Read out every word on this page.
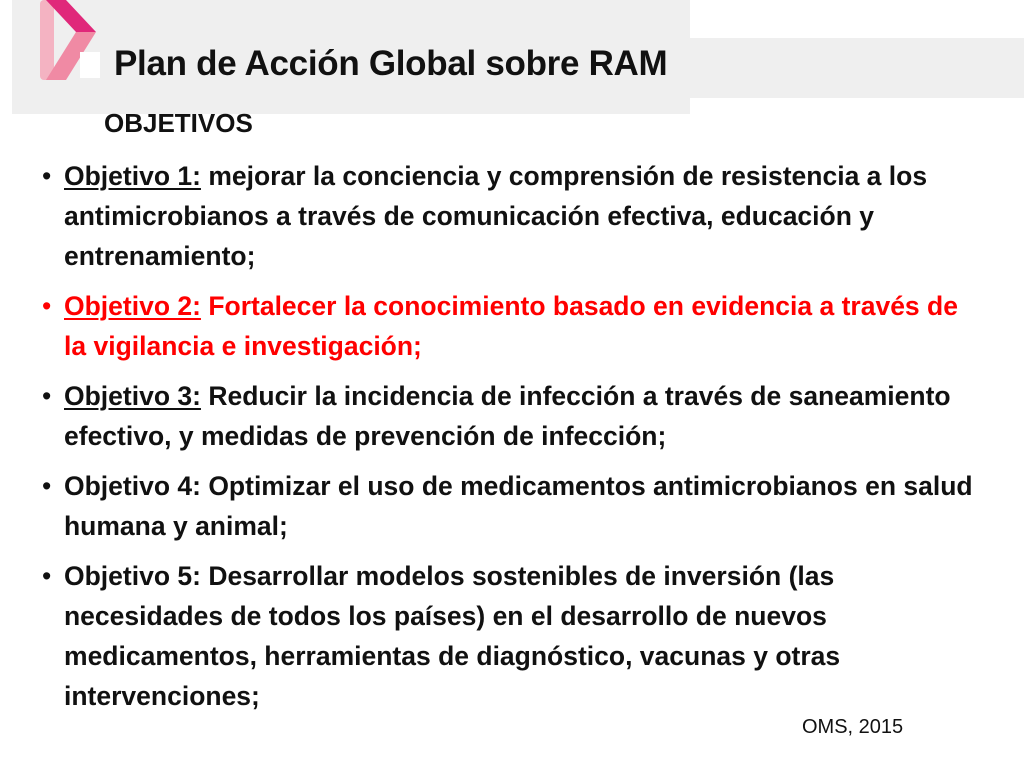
Plan de Acción Global sobre RAM
OBJETIVOS
• Objetivo 1: mejorar la conciencia y comprensión de resistencia a los antimicrobianos a través de comunicación efectiva, educación y entrenamiento;
• Objetivo 2: Fortalecer la conocimiento basado en evidencia a través de la vigilancia e investigación;
• Objetivo 3: Reducir la incidencia de infección a través de saneamiento efectivo, y medidas de prevención de infección;
• Objetivo 4: Optimizar el uso de medicamentos antimicrobianos en salud humana y animal;
• Objetivo 5: Desarrollar modelos sostenibles de inversión (las necesidades de todos los países) en el desarrollo de nuevos medicamentos, herramientas de diagnóstico, vacunas y otras intervenciones;

OMS, 2015
